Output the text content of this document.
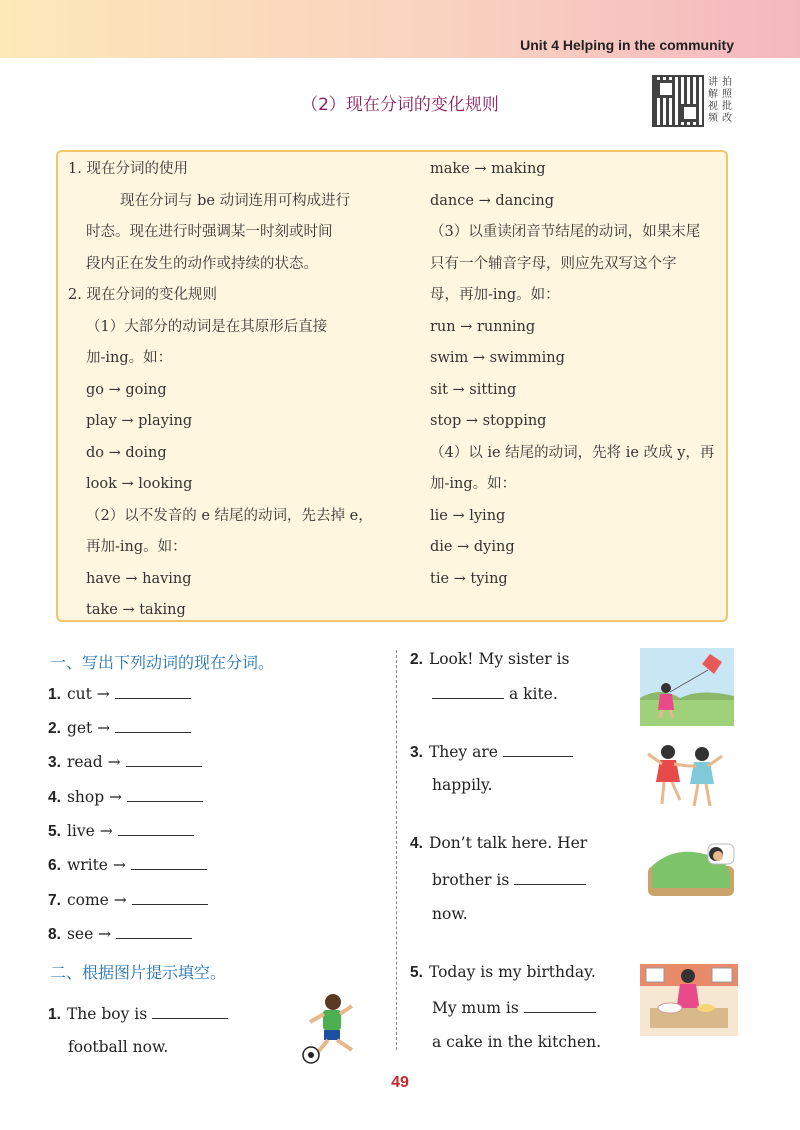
Unit 4 Helping in the community
（2）现在分词的变化规则
讲 拍
解 照
视 批
频 改
1. 现在分词的使用
现在分词与 be 动词连用可构成进行
时态。现在进行时强调某一时刻或时间
段内正在发生的动作或持续的状态。
2. 现在分词的变化规则
（1）大部分的动词是在其原形后直接
加-ing。如：
go → going
play → playing
do → doing
look → looking
（2）以不发音的 e 结尾的动词，先去掉 e，
再加-ing。如：
have → having
take → taking
make → making
dance → dancing
（3）以重读闭音节结尾的动词，如果末尾
只有一个辅音字母，则应先双写这个字
母，再加-ing。如：
run → running
swim → swimming
sit → sitting
stop → stopping
（4）以 ie 结尾的动词，先将 ie 改成 y，再
加-ing。如：
lie → lying
die → dying
tie → tying
一、写出下列动词的现在分词。
1. cut →
2. get →
3. read →
4. shop →
5. live →
6. write →
7. come →
8. see →
二、根据图片提示填空。
1. The boy is
football now.
2. Look! My sister is
a kite.
3. They are
happily.
4. Don’t talk here. Her
brother is
now.
5. Today is my birthday.
My mum is
a cake in the kitchen.
49
